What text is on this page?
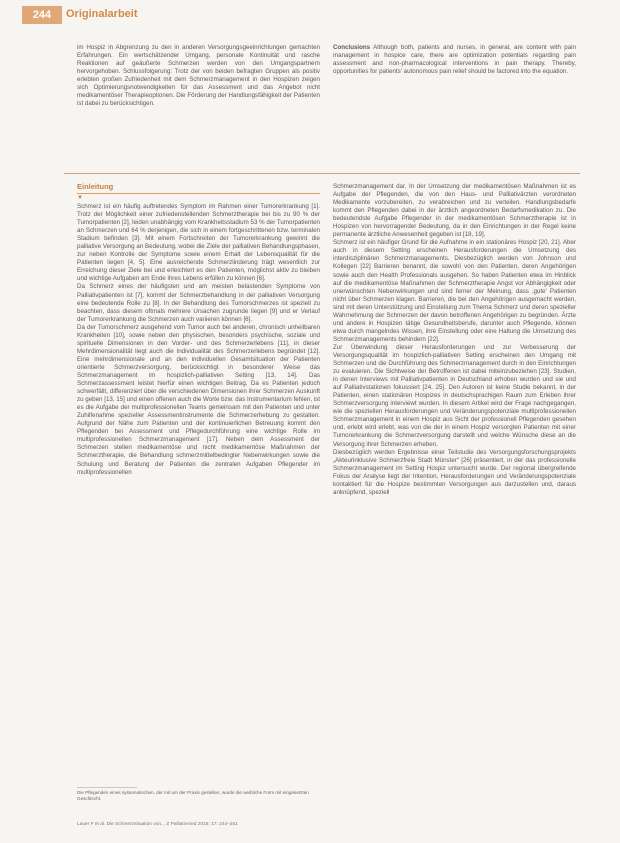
244	Originalarbeit

im Hospiz in Abgrenzung zu den in anderen Versorgungsgeeinrichtungen gemachten Erfahrungen. Ein wertschätzender Umgang, personale Kontinuität und rasche Reaktionen auf geäußerte Schmerzen werden von den Umgangspartnern hervorgehoben. Schlussfolgerung: Trotz der von beiden befragten Gruppen als positiv erlebten großen Zufriedenheit mit dem Schmerzmanagement in den Hospizen zeigen sich Optimierungsnotwendigkeiten für das Assessment und das Angebot nicht medikamentöser Therapieoptionen. Die Förderung der Handlungsfähigkeit der Patienten ist dabei zu berücksichtigen.

Conclusions Although both, patients and nurses, in general, are content with pain management in hospice care, there are optimization potentials regarding pain assessment and non-pharmacological interventions in pain therapy. Thereby, opportunities for patients' autonomous pain relief should be factored into the equation.

Einleitung
▼

Schmerz ist ein häufig auftretendes Symptom im Rahmen einer Tumorerkrankung [1]. Trotz der Möglichkeit einer zufriedenstellenden Schmerztherapie bei bis zu 90 % der Tumorpatienten [2], leiden unabhängig vom Krankheitsstadium 53 % der Tumorpatienten an Schmerzen und 64 % derjenigen, die sich in einem fortgeschrittenen bzw. terminalen Stadium befinden [3]. Mit einem Fortschreiten der Tumorerkrankung gewinnt die palliative Versorgung an Bedeutung, wobei die Ziele der palliativen Behandlungsphasen, zur neben Kontrolle der Symptome sowie einem Erhalt der Lebensqualität für die Patienten liegen [4, 5]. Eine ausreichende Schmerzlinderung trägt wesentlich zur Erreichung dieser Ziele bei und erleichtert es den Patienten, möglichst aktiv zu bleiben und wichtige Aufgaben am Ende ihres Lebens erfüllen zu können [6].

Da Schmerz eines der häufigsten und am meisten belastenden Symptome von Palliativpatienten ist [7], kommt der Schmerzbehandlung in der palliativen Versorgung eine bedeutende Rolle zu [8]. In der Behandlung des Tumorschmerzes ist speziell zu beachten, dass diesem oftmals mehrere Ursachen zugrunde liegen [9] und er Verlauf der Tumorerkrankung die Schmerzen auch variieren können [6].

Da der Tumorschmerz ausgehend vom Tumor auch bei anderen, chronisch unheilbaren Krankheiten [10], sowie neben den physischen, besonders psychische, soziale und spirituelle Dimensionen in den Vorder- und des Schmerzerlebens [11], in dieser Mehrdimensionalität liegt auch die Individualität des Schmerzerlebens begründet [12]. Eine mehrdimensionale und an den individuellen Gesamtsituation der Patienten orientierte Schmerzversorgung, berücksichtigt in besonderer Weise das Schmerzmanagement im hospizlich-palliativen Setting [13, 14]. Das Schmerzassessment leistet hierfür einen wichtigen Beitrag. Da es Patienten jedoch schwerfällt, differenziert über die verschiedenen Dimensionen ihrer Schmerzen Auskunft zu geben [13, 15] und einen offenen auch die Worte bzw. das Instrumentarium fehlen, ist es die Aufgabe der multiprofessionellen Teams gemeinsam mit den Patienten und unter Zuhilfenahme spezieller Assessmentinstrumente die Schmerzerhebung zu gestalten. Aufgrund der Nähe zum Patienten und der kontinuierlichen Betreuung kommt den Pflegenden bei Assessment und Pflegedurchführung eine wichtige Rolle im multiprofessionellen Schmerzmanagement [17]. Neben dem Assessment der Schmerzen stellen medikamentöse und nicht medikamentöse Maßnahmen der Schmerztherapie, die Behandlung schmerzmittelbedingter Nebenwirkungen sowie die Schulung und Beratung der Patienten die zentralen Aufgaben Pflegender im multiprofessionellen

Schmerzmanagement dar. In der Umsetzung der medikamentösen Maßnahmen ist es Aufgabe der Pflegenden, die von den Haus- und Palliativärzten verordneten Medikamente vorzubereiten, zu verabreichen und zu verteilen. Handlungsbedarfe kommt den Pflegenden dabei in der ärztlich angeordneten Bedarfsmedikation zu. Die bedeutendste Aufgabe Pflegender in der medikamentösen Schmerztherapie ist in Hospizen von hervorragender Bedeutung, da in den Einrichtungen in der Regel keine permanente ärztliche Anwesenheit gegeben ist [18, 19].

Schmerz ist ein häufiger Grund für die Aufnahme in ein stationäres Hospiz [20, 21]. Aber auch in diesem Setting erscheinen Herausforderungen die Umsetzung des interdisziplinären Schmerzmanagements. Diesbezüglich werden von Johnson und Kollegen [22] Barrieren benannt, die sowohl von den Patienten, deren Angehörigen sowie auch den Health Professionals ausgehen. So haben Patienten etwa im Hinblick auf die medikamentöse Maßnahmen der Schmerztherapie Angst vor Abhängigkeit oder unerwünschten Nebenwirkungen und sind ferner der Meinung, dass ‚gute' Patienten nicht über Schmerzen klagen. Barrieren, die bei den Angehörigen ausgemacht werden, sind mit deren Unterstützung und Einstellung zum Thema Schmerz und deren spezieller Wahrnehmung der Schmerzen der davon betroffenen Angehörigen zu begründen. Ärzte und andere in Hospizen tätige Gesundheitsberufe, darunter auch Pflegende, können etwa durch mangelndes Wissen, ihre Einstellung oder eine Haltung die Umsetzung des Schmerzmanagements behindern [22].

Zur Überwindung dieser Herausforderungen und zur Verbesserung der Versorgungsqualität im hospizlich-palliativen Setting erscheinen den Umgang mit Schmerzen und die Durchführung des Schmerzmanagement durch in den Einrichtungen zu evaluieren. Die Sichtweise der Betroffenen ist dabei miteinzubeziehen [23]. Studien, in denen Interviews mit Palliativpatienten in Deutschland erhoben wurden und sie und auf Palliativstationen fokussiert [24, 25]. Den Autoren ist keine Studie bekannt, in der Patienten, einen stationären Hospizes in deutschsprachigen Raum zum Erleben ihrer Schmerzversorgung interviewt wurden. In diesem Artikel wird der Frage nachgegangen, wie die speziellen Herausforderungen und Veränderungspotenziale multiprofessionellen Schmerzmanagement in einem Hospiz aus Sicht der professionell Pflegenden gesehen und, erlebt wird erlebt, was von die der in einem Hospiz versorgten Patienten mit einer Tumorerkrankung die Schmerzversorgung darstellt und welche Wünsche diese an die Versorgung ihrer Schmerzen erheben.

Diesbezüglich werden Ergebnisse einer Teilstudie des Versorgungsforschungsprojekts „Akteurinklusive Schmerzfreie Stadt Münster“ [26] präsentiert, in der das professionelle Schmerzmanagement im Setting Hospiz untersucht wurde. Der regional übergreifende Fokus der Analyse liegt der Intention, Herausforderungen und Veränderungspotenziale kontaktiert für die Hospize bestimmten Versorgungen aus darzustellen und, daraus anknüpfend, speziell

Die Pflegenden eines systematischen, der mit um der Praxis gestellen, wurde die weibliche Form mit eingesetzten Geschlecht.
Lauer F et al. Die Schmerzsituation von... Z Palliativmed 2016; 17: 244–251
